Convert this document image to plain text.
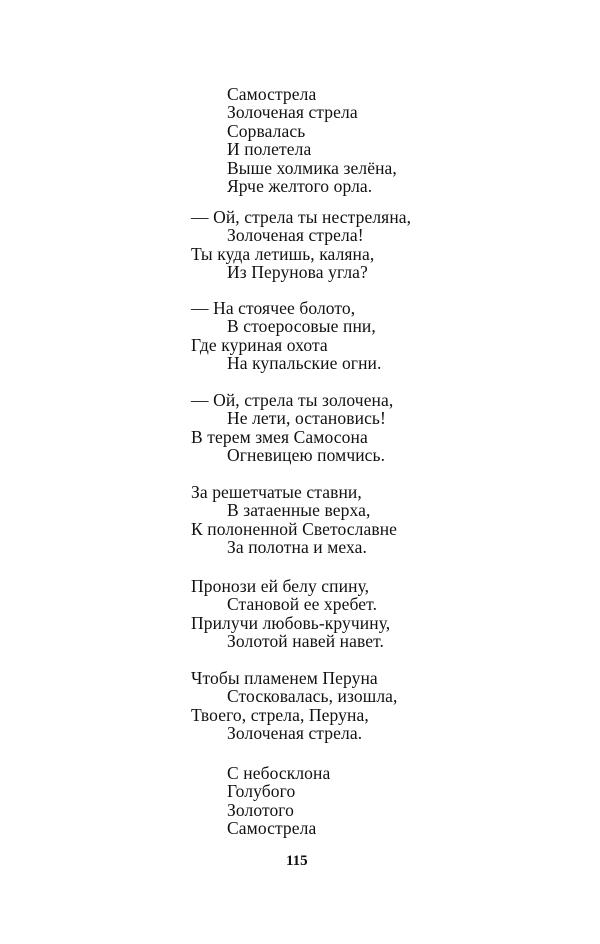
Самострела
Золоченая стрела
Сорвалась
И полетела
Выше холмика зелёна,
Ярче желтого орла.
— Ой, стрела ты нестреляна,
Золоченая стрела!
Ты куда летишь, каляна,
Из Перунова угла?
— На стоячее болото,
В стоеросовые пни,
Где куриная охота
На купальские огни.
— Ой, стрела ты золочена,
Не лети, остановись!
В терем змея Самосона
Огневицею помчись.
За решетчатые ставни,
В затаенные верха,
К полоненной Светославне
За полотна и меха.
Пронози ей белу спину,
Становой ее хребет.
Прилучи любовь-кручину,
Золотой навей навет.
Чтобы пламенем Перуна
Стосковалась, изошла,
Твоего, стрела, Перуна,
Золоченая стрела.
С небосклона
Голубого
Золотого
Самострела
115
